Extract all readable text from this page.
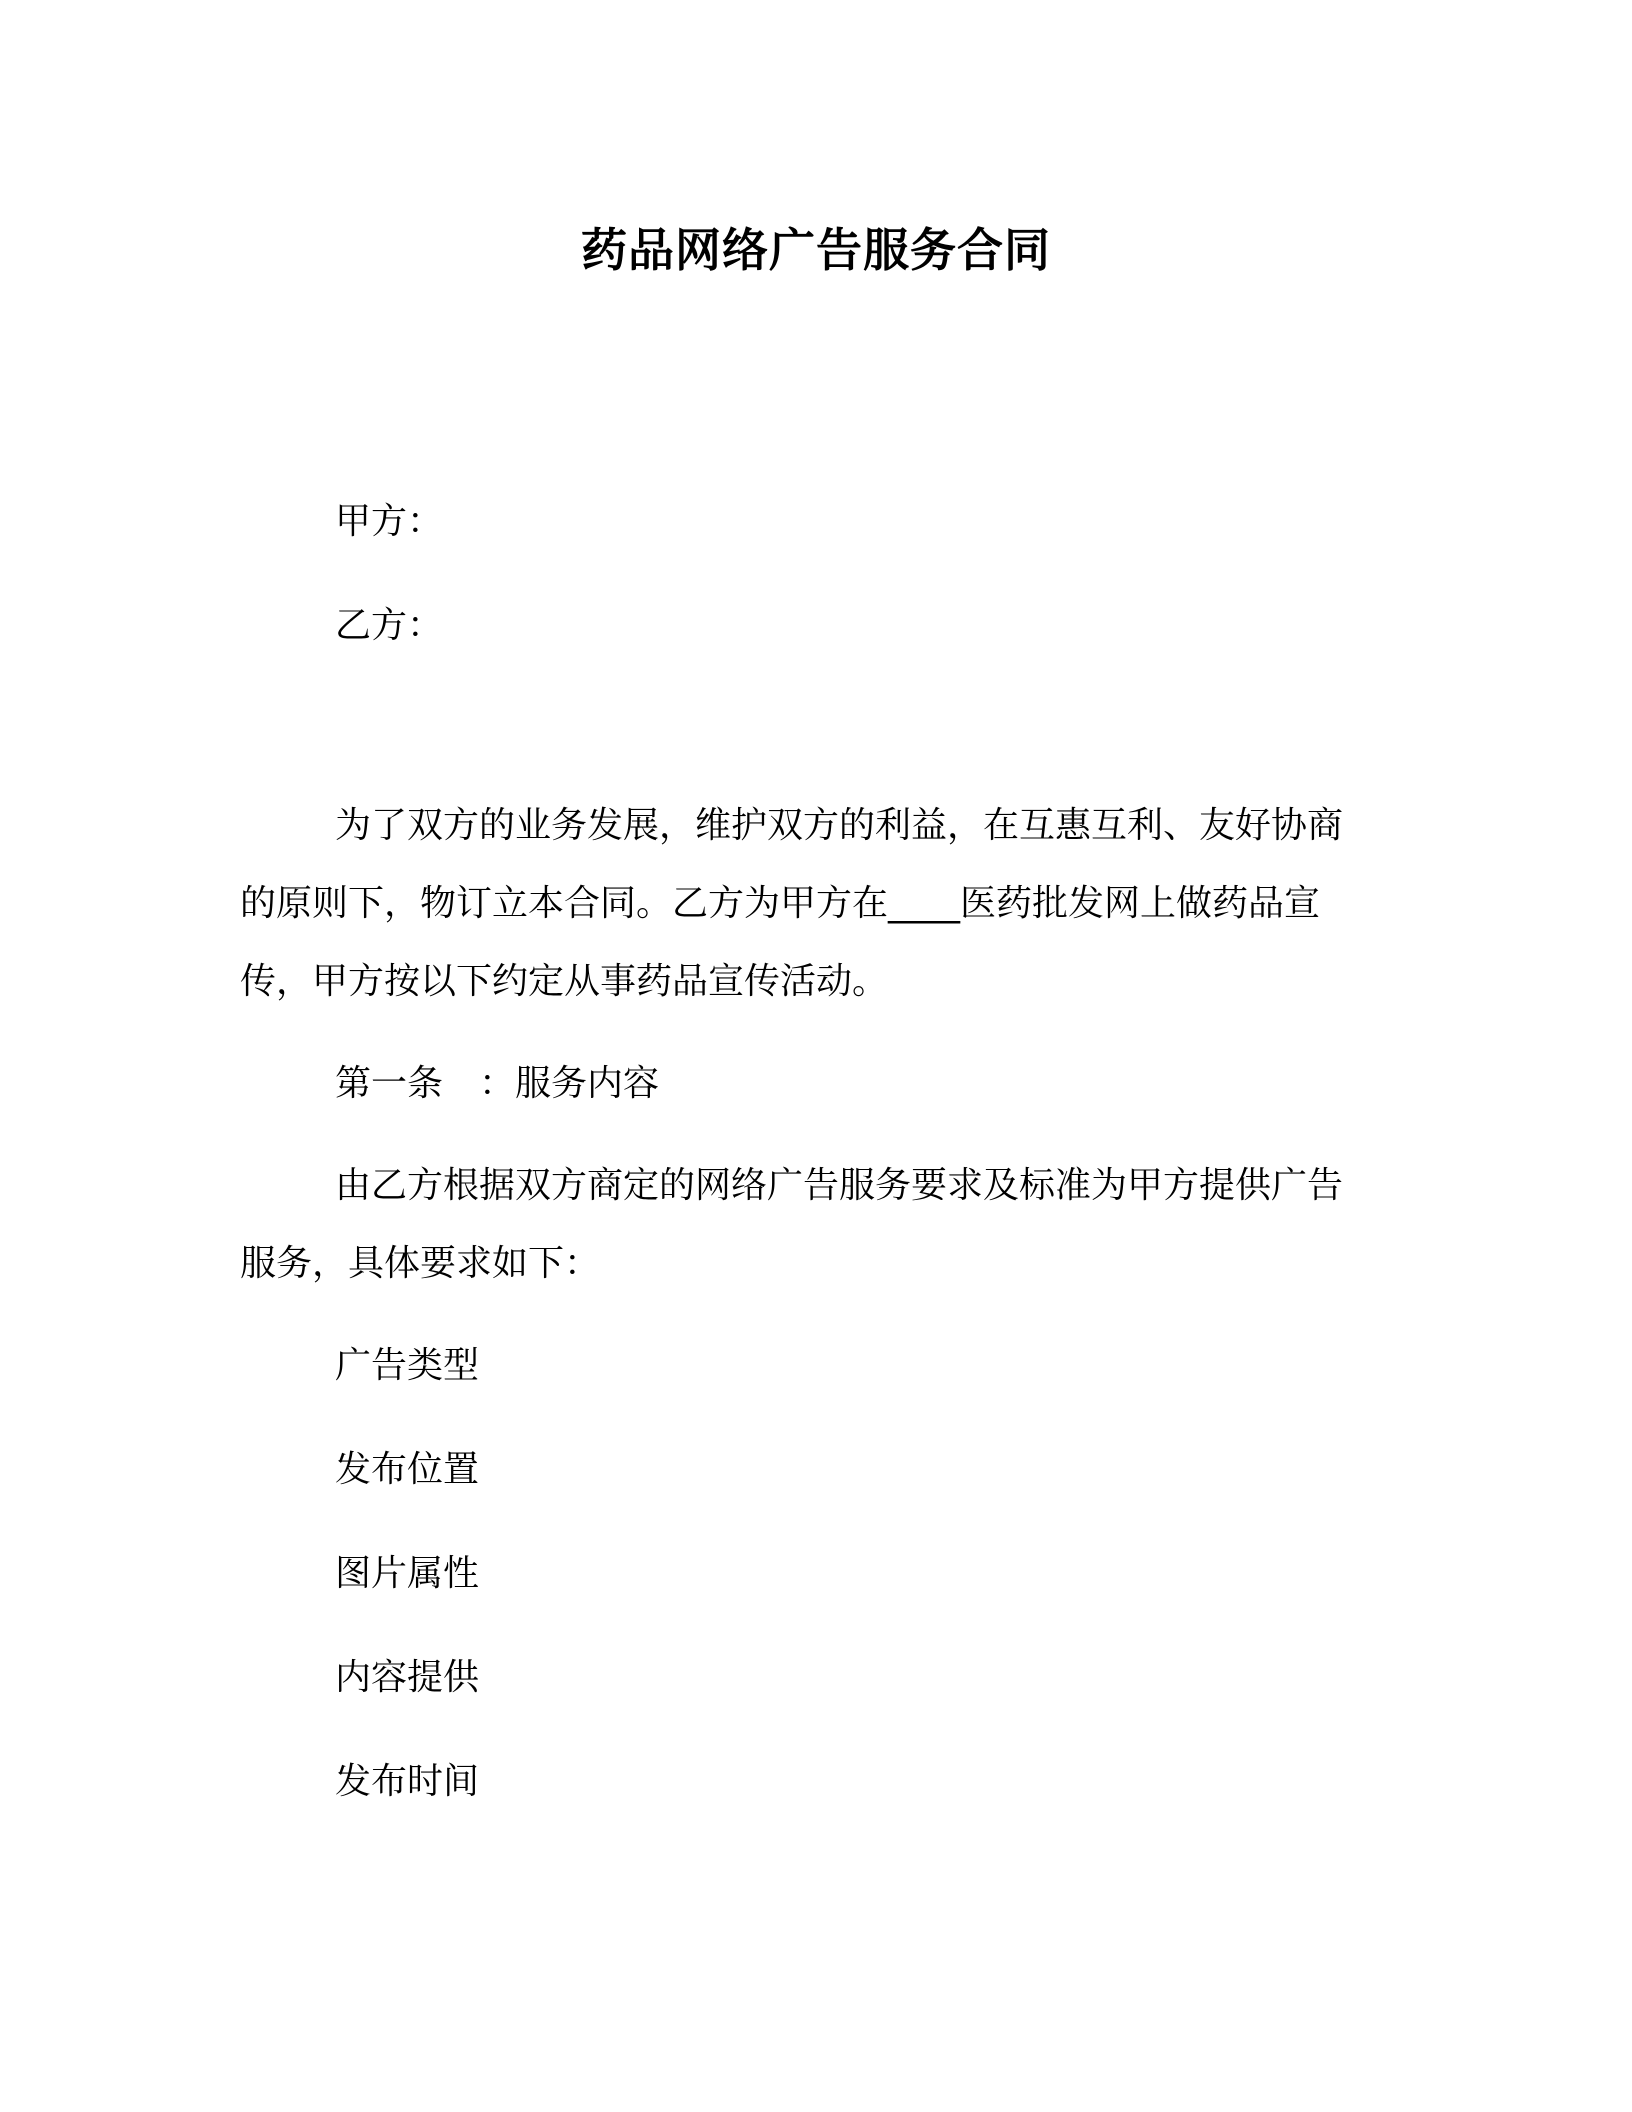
药品网络广告服务合同
甲方：
乙方：
为了双方的业务发展，维护双方的利益，在互惠互利、友好协商
的原则下，物订立本合同。乙方为甲方在____医药批发网上做药品宣
传，甲方按以下约定从事药品宣传活动。
第一条　：服务内容
由乙方根据双方商定的网络广告服务要求及标准为甲方提供广告
服务，具体要求如下：
广告类型
发布位置
图片属性
内容提供
发布时间
